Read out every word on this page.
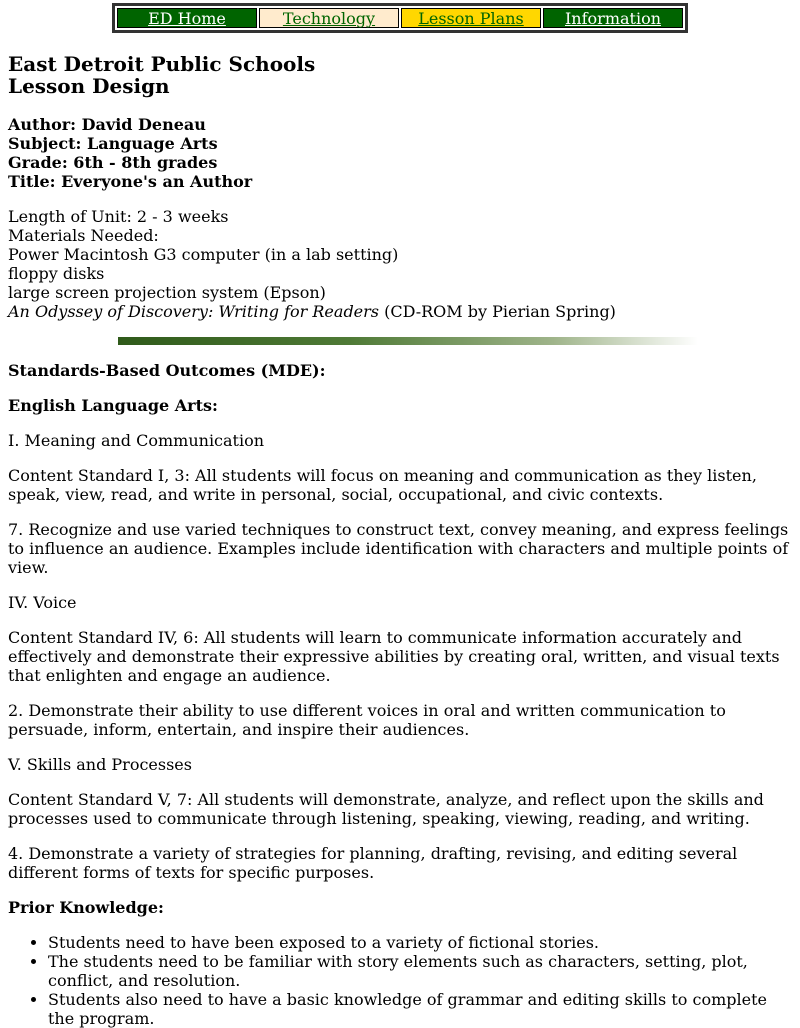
ED Home	Technology	Lesson Plans	Information
East Detroit Public Schools
Lesson Design
Author: David Deneau
Subject: Language Arts
Grade: 6th - 8th grades
Title: Everyone's an Author
Length of Unit: 2 - 3 weeks
Materials Needed:
Power Macintosh G3 computer (in a lab setting)
floppy disks
large screen projection system (Epson)
An Odyssey of Discovery: Writing for Readers (CD-ROM by Pierian Spring)

Standards-Based Outcomes (MDE):

English Language Arts:

I. Meaning and Communication

Content Standard I, 3: All students will focus on meaning and communication as they listen, speak, view, read, and write in personal, social, occupational, and civic contexts.

7. Recognize and use varied techniques to construct text, convey meaning, and express feelings to influence an audience. Examples include identification with characters and multiple points of view.

IV. Voice

Content Standard IV, 6: All students will learn to communicate information accurately and effectively and demonstrate their expressive abilities by creating oral, written, and visual texts that enlighten and engage an audience.

2. Demonstrate their ability to use different voices in oral and written communication to persuade, inform, entertain, and inspire their audiences.

V. Skills and Processes

Content Standard V, 7: All students will demonstrate, analyze, and reflect upon the skills and processes used to communicate through listening, speaking, viewing, reading, and writing.

4. Demonstrate a variety of strategies for planning, drafting, revising, and editing several different forms of texts for specific purposes.

Prior Knowledge:

• Students need to have been exposed to a variety of fictional stories.
• The students need to be familiar with story elements such as characters, setting, plot, conflict, and resolution.
• Students also need to have a basic knowledge of grammar and editing skills to complete the program.
